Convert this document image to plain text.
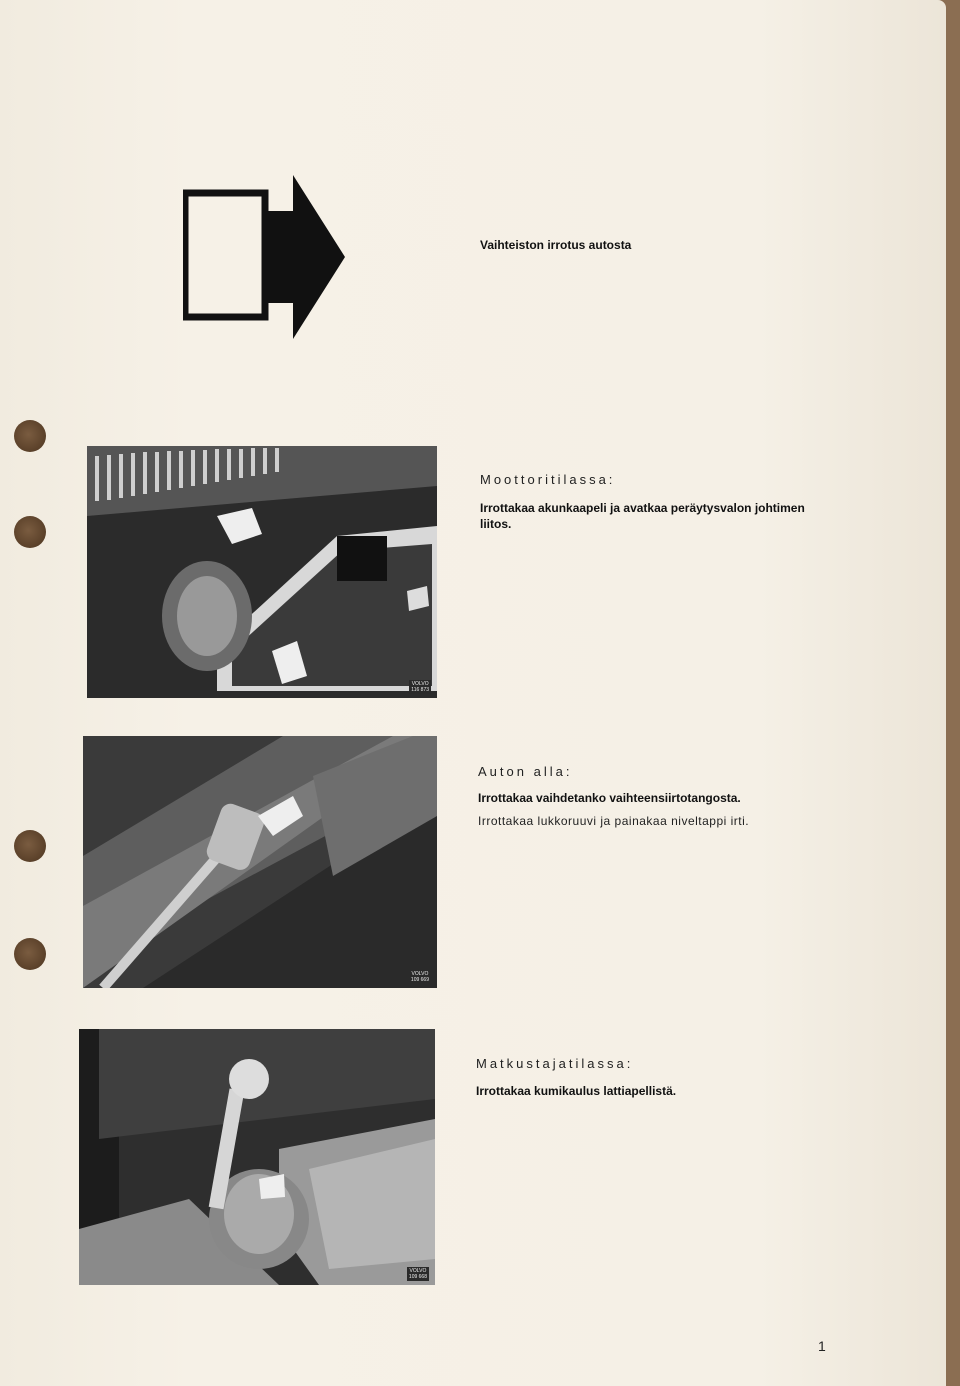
Vaihteiston irrotus autosta
VOLVO
116 873
Moottoritilassa:
Irrottakaa akunkaapeli ja avatkaa peräytysvalon johtimen liitos.
VOLVO
109 669
Auton alla:
Irrottakaa vaihdetanko vaihteensiirtotangosta.
Irrottakaa lukkoruuvi ja painakaa niveltappi irti.
VOLVO
109 668
Matkustajatilassa:
Irrottakaa kumikaulus lattiapellistä.
1
